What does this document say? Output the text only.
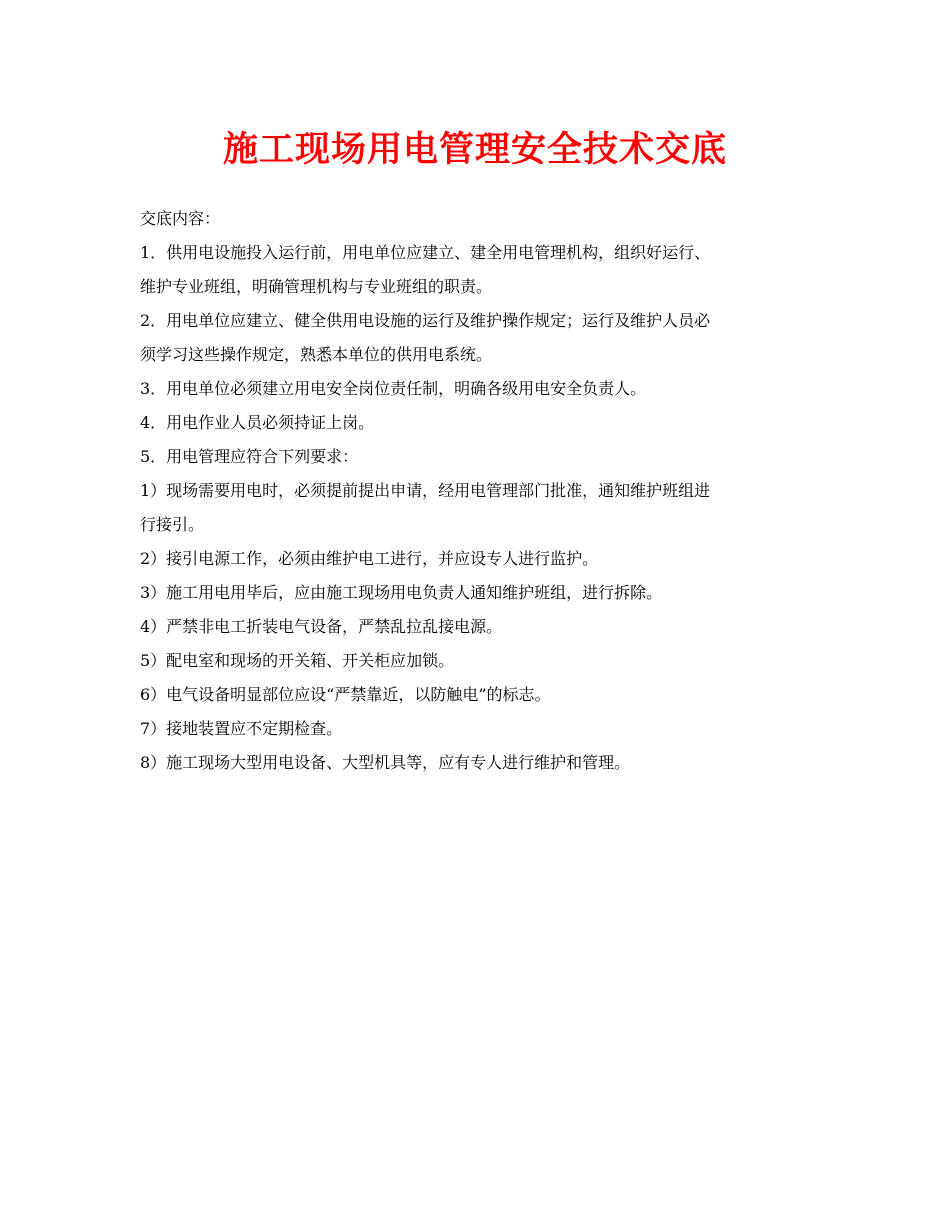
施工现场用电管理安全技术交底

交底内容：

1．供用电设施投入运行前，用电单位应建立、建全用电管理机构，组织好运行、

维护专业班组，明确管理机构与专业班组的职责。

2．用电单位应建立、健全供用电设施的运行及维护操作规定；运行及维护人员必

须学习这些操作规定，熟悉本单位的供用电系统。

3．用电单位必须建立用电安全岗位责任制，明确各级用电安全负责人。

4．用电作业人员必须持证上岗。

5．用电管理应符合下列要求：

1）现场需要用电时，必须提前提出申请，经用电管理部门批准，通知维护班组进

行接引。

2）接引电源工作，必须由维护电工进行，并应设专人进行监护。

3）施工用电用毕后，应由施工现场用电负责人通知维护班组，进行拆除。

4）严禁非电工折装电气设备，严禁乱拉乱接电源。

5）配电室和现场的开关箱、开关柜应加锁。

6）电气设备明显部位应设“严禁靠近，以防触电”的标志。

7）接地装置应不定期检查。

8）施工现场大型用电设备、大型机具等，应有专人进行维护和管理。
